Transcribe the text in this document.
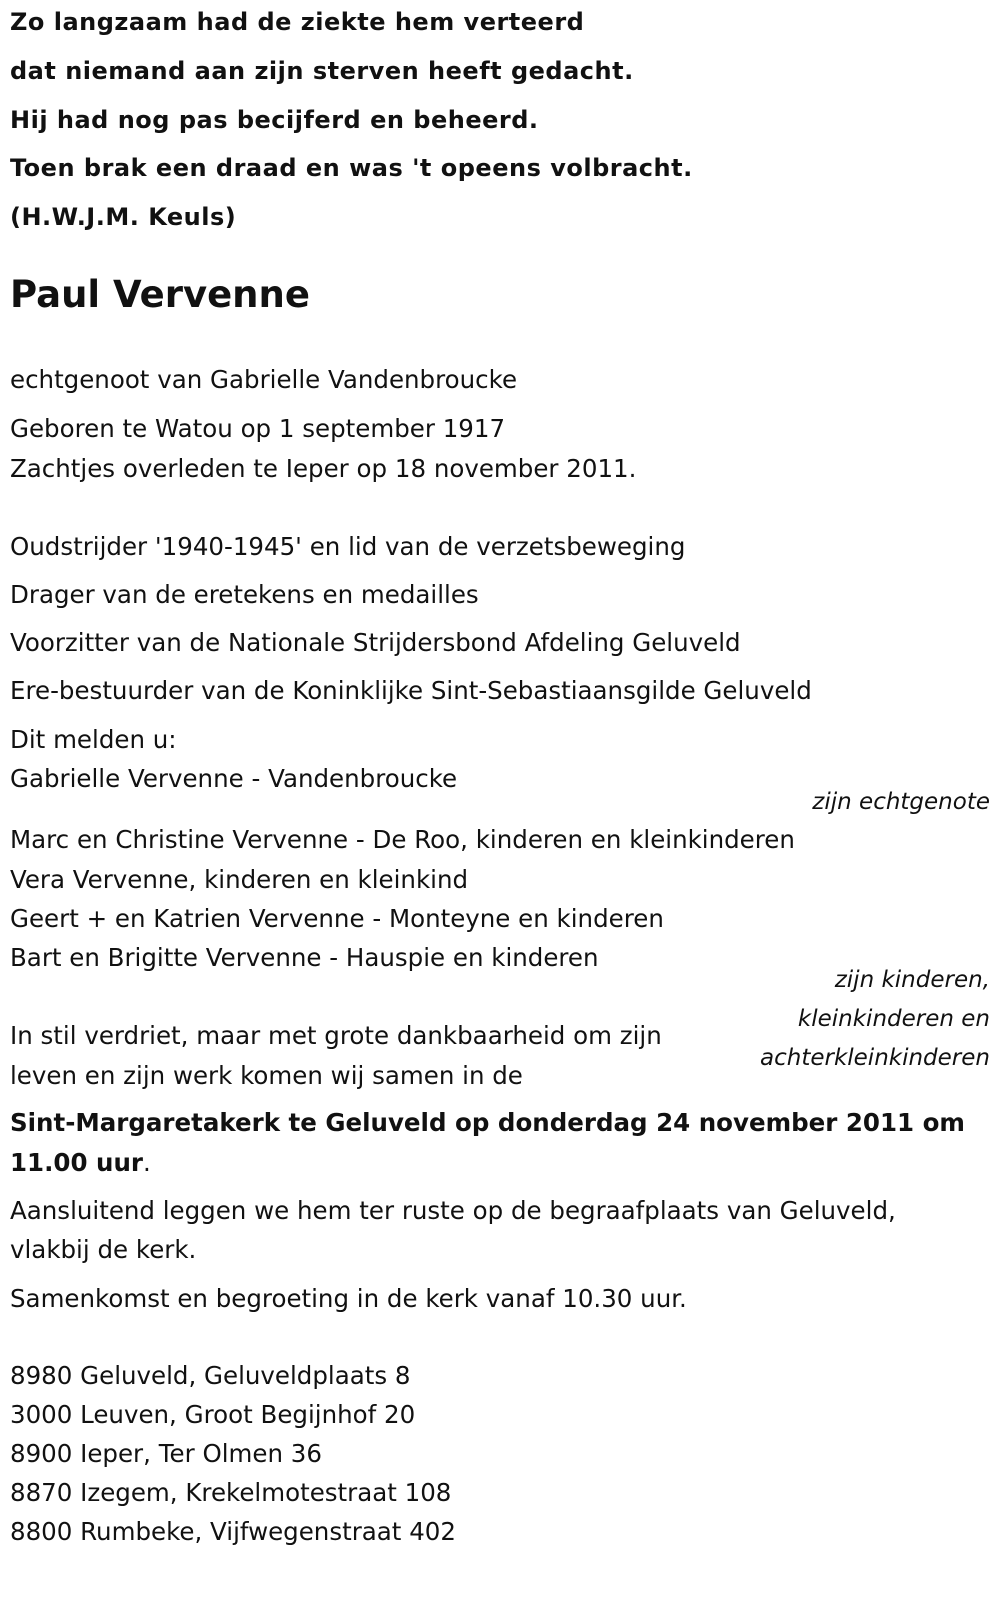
Zo langzaam had de ziekte hem verteerd
dat niemand aan zijn sterven heeft gedacht.
Hij had nog pas becijferd en beheerd.
Toen brak een draad en was 't opeens volbracht.
(H.W.J.M. Keuls)
Paul Vervenne
echtgenoot van Gabrielle Vandenbroucke
Geboren te Watou op 1 september 1917
Zachtjes overleden te Ieper op 18 november 2011.
Oudstrijder '1940-1945' en lid van de verzetsbeweging
Drager van de eretekens en medailles
Voorzitter van de Nationale Strijdersbond Afdeling Geluveld
Ere-bestuurder van de Koninklijke Sint-Sebastiaansgilde Geluveld
Dit melden u:
Gabrielle Vervenne - Vandenbroucke
zijn echtgenote
Marc en Christine Vervenne - De Roo, kinderen en kleinkinderen
Vera Vervenne, kinderen en kleinkind
Geert + en Katrien Vervenne - Monteyne en kinderen
Bart en Brigitte Vervenne - Hauspie en kinderen
zijn kinderen,
kleinkinderen en
achterkleinkinderen
In stil verdriet, maar met grote dankbaarheid om zijn
leven en zijn werk komen wij samen in de
Sint-Margaretakerk te Geluveld op donderdag 24 november 2011 om
11.00 uur.
Aansluitend leggen we hem ter ruste op de begraafplaats van Geluveld,
vlakbij de kerk.
Samenkomst en begroeting in de kerk vanaf 10.30 uur.
8980 Geluveld, Geluveldplaats 8
3000 Leuven, Groot Begijnhof 20
8900 Ieper, Ter Olmen 36
8870 Izegem, Krekelmotestraat 108
8800 Rumbeke, Vijfwegenstraat 402
